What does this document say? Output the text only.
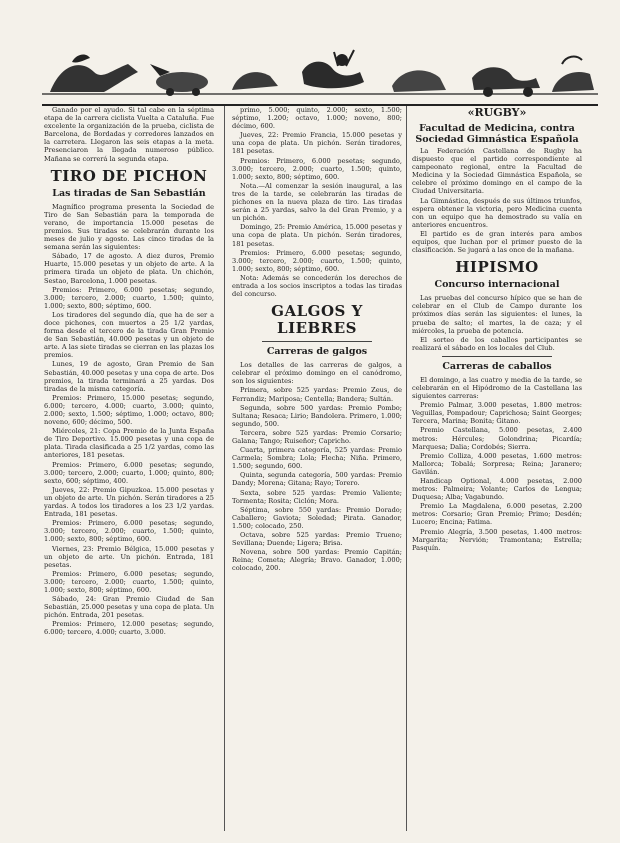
Ganado por el ayudo. Si tal cabe en la séptima etapa de la carrera ciclista Vuelta a Cataluña. Fue excelente la organización de la prueba, ciclista de Barcelona, de Bordadas y corredores lanzados en la carretera. Llegaron las seis etapas a la meta. Presenciaron la llegada numeroso público. Mañana se correrá la segunda etapa.

TIRO DE PICHON
Las tiradas de San Sebastián

Magnífico programa presenta la Sociedad de Tiro de San Sebastián para la temporada de verano, de importancia 15.000 pesetas de premios. Sus tiradas se celebrarán durante los meses de julio y agosto. Las cinco tiradas de la semana serán las siguientes:

Sábado, 17 de agosto. A diez duros, Premio Huarte, 15.000 pesetas y un objeto de arte. A la primera tirada un objeto de plata. Un chichón, Sestao, Barcelona, 1.000 pesetas.

Premios: Primero, 6.000 pesetas; segundo, 3.000; tercero, 2.000; cuarto, 1.500; quinto, 1.000; sexto, 800; séptimo, 600.

Los tiradores del segundo día, que ha de ser a doce pichones, con muertos a 25 1/2 yardas, forma desde el tercero de la tirada Gran Premio de San Sebastián, 40.000 pesetas y un objeto de arte. A las siete tiradas se cierran en las plazas los premios.

Lunes, 19 de agosto, Gran Premio de San Sebastián, 40.000 pesetas y una copa de arte. Dos premios, la tirada terminará a 25 yardas. Dos tiradas de la misma categoría.

Premios: Primero, 15.000 pesetas; segundo, 6.000; tercero, 4.000; cuarto, 3.000; quinto, 2.000; sexto, 1.500; séptimo, 1.000; octavo, 800; noveno, 600; décimo, 500.

Miércoles, 21: Copa Premio de la Junta España de Tiro Deportivo. 15.000 pesetas y una copa de plata. Tirada clasificada a 25 1/2 yardas, como las anteriores, 181 pesetas.

Premios: Primero, 6.000 pesetas; segundo, 3.000; tercero, 2.000; cuarto, 1.000; quinto, 800; sexto, 600; séptimo, 400.

Jueves, 22: Premio Gipuzkoa. 15.000 pesetas y un objeto de arte. Un pichón. Serán tiradores a 25 yardas. A todos los tiradores a los 23 1/2 yardas. Entrada, 181 pesetas.

Premios: Primero, 6.000 pesetas; segundo, 3.000; tercero, 2.000; cuarto, 1.500; quinto, 1.000; sexto, 800; séptimo, 600.

Viernes, 23: Premio Bélgica, 15.000 pesetas y un objeto de arte. Un pichón. Entrada, 181 pesetas.

Premios: Primero, 6.000 pesetas; segundo, 3.000; tercero, 2.000; cuarto, 1.500; quinto, 1.000; sexto, 800; séptimo, 600.

Sábado, 24: Gran Premio Ciudad de San Sebastián, 25.000 pesetas y una copa de plata. Un pichón. Entrada, 201 pesetas.

Premios: Primero, 12.000 pesetas; segundo, 6.000; tercero, 4.000; cuarto, 3.000.

primo, 5.000; quinto, 2.000; sexto, 1.500; séptimo, 1.200; octavo, 1.000; noveno, 800; décimo, 600.

Jueves, 22: Premio Francia, 15.000 pesetas y una copa de plata. Un pichón. Serán tiradores, 181 pesetas.

Premios: Primero, 6.000 pesetas; segundo, 3.000; tercero, 2.000; cuarto, 1.500; quinto, 1.000; sexto, 800; séptimo, 600.

Nota.—Al comenzar la sesión inaugural, a las tres de la tarde, se celebrarán las tiradas de pichones en la nueva plaza de tiro. Las tiradas serán a 25 yardas, salvo la del Gran Premio, y a un pichón.

Domingo, 25: Premio América, 15.000 pesetas y una copa de plata. Un pichón. Serán tiradores, 181 pesetas.

Premios: Primero, 6.000 pesetas; segundo, 3.000; tercero, 2.000; cuarto, 1.500; quinto, 1.000; sexto, 800; séptimo, 600.

Nota: Además se concederán los derechos de entrada a los socios inscriptos a todas las tiradas del concurso.

GALGOS Y LIEBRES
Carreras de galgos

Los detalles de las carreras de galgos, a celebrar el próximo domingo en el canódromo, son los siguientes:

Primera, sobre 525 yardas: Premio Zeus, de Ferrandiz; Mariposa; Centella; Bandera; Sultán.

Segunda, sobre 500 yardas: Premio Pombo; Sultana; Resaca; Lirio; Bandolera. Primero, 1.000; segundo, 500.

Tercera, sobre 525 yardas: Premio Corsario; Galana; Tango; Ruiseñor; Capricho.

Cuarta, primera categoría, 525 yardas: Premio Carmela; Sombra; Lola; Flecha; Niña. Primero, 1.500; segundo, 600.

Quinta, segunda categoría, 500 yardas: Premio Dandy; Morena; Gitana; Rayo; Torero.

Sexta, sobre 525 yardas: Premio Valiente; Tormenta; Rosita; Ciclón; Mora.

Séptima, sobre 550 yardas: Premio Dorado; Caballero; Gaviota; Soledad; Pirata. Ganador, 1.500; colocado, 250.

Octava, sobre 525 yardas: Premio Trueno; Sevillana; Duende; Ligera; Brisa.

Novena, sobre 500 yardas: Premio Capitán; Reina; Cometa; Alegría; Bravo. Ganador, 1.000; colocado, 200.

«RUGBY»
Facultad de Medicina, contra Sociedad Gimnástica Española

La Federación Castellana de Rugby ha dispuesto que el partido correspondiente al campeonato regional, entre la Facultad de Medicina y la Sociedad Gimnástica Española, se celebre el próximo domingo en el campo de la Ciudad Universitaria.

La Gimnástica, después de sus últimos triunfos, espera obtener la victoria, pero Medicina cuenta con un equipo que ha demostrado su valía en anteriores encuentros.

El partido es de gran interés para ambos equipos, que luchan por el primer puesto de la clasificación. Se jugará a las once de la mañana.

HIPISMO
Concurso internacional

Las pruebas del concurso hípico que se han de celebrar en el Club de Campo durante los próximos días serán las siguientes: el lunes, la prueba de salto; el martes, la de caza; y el miércoles, la prueba de potencia.

El sorteo de los caballos participantes se realizará el sábado en los locales del Club.

Carreras de caballos

El domingo, a las cuatro y media de la tarde, se celebrarán en el Hipódromo de la Castellana las siguientes carreras:

Premio Palmar, 3.000 pesetas, 1.800 metros: Veguillas, Pompadour; Caprichosa; Saint Georges; Tercera, Marina; Bonita; Gitano.

Premio Castellana, 5.000 pesetas, 2.400 metros: Hércules; Golondrina; Picardía; Marquesa; Dalia; Cordobés; Sierra.

Premio Colliza, 4.000 pesetas, 1.600 metros: Mallorca; Tobalá; Sorpresa; Reina; Jaranero; Gavilán.

Handicap Optional, 4.000 pesetas, 2.000 metros: Palmeira; Volante; Carlos de Lengua; Duquesa; Alba; Vagabundo.

Premio La Magdalena, 6.000 pesetas, 2.200 metros: Corsario; Gran Premio; Primo; Desdén; Lucero; Encina; Fatima.

Premio Alegría, 3.500 pesetas, 1.400 metros: Margarita; Nervión; Tramontana; Estrella; Pasquín.
